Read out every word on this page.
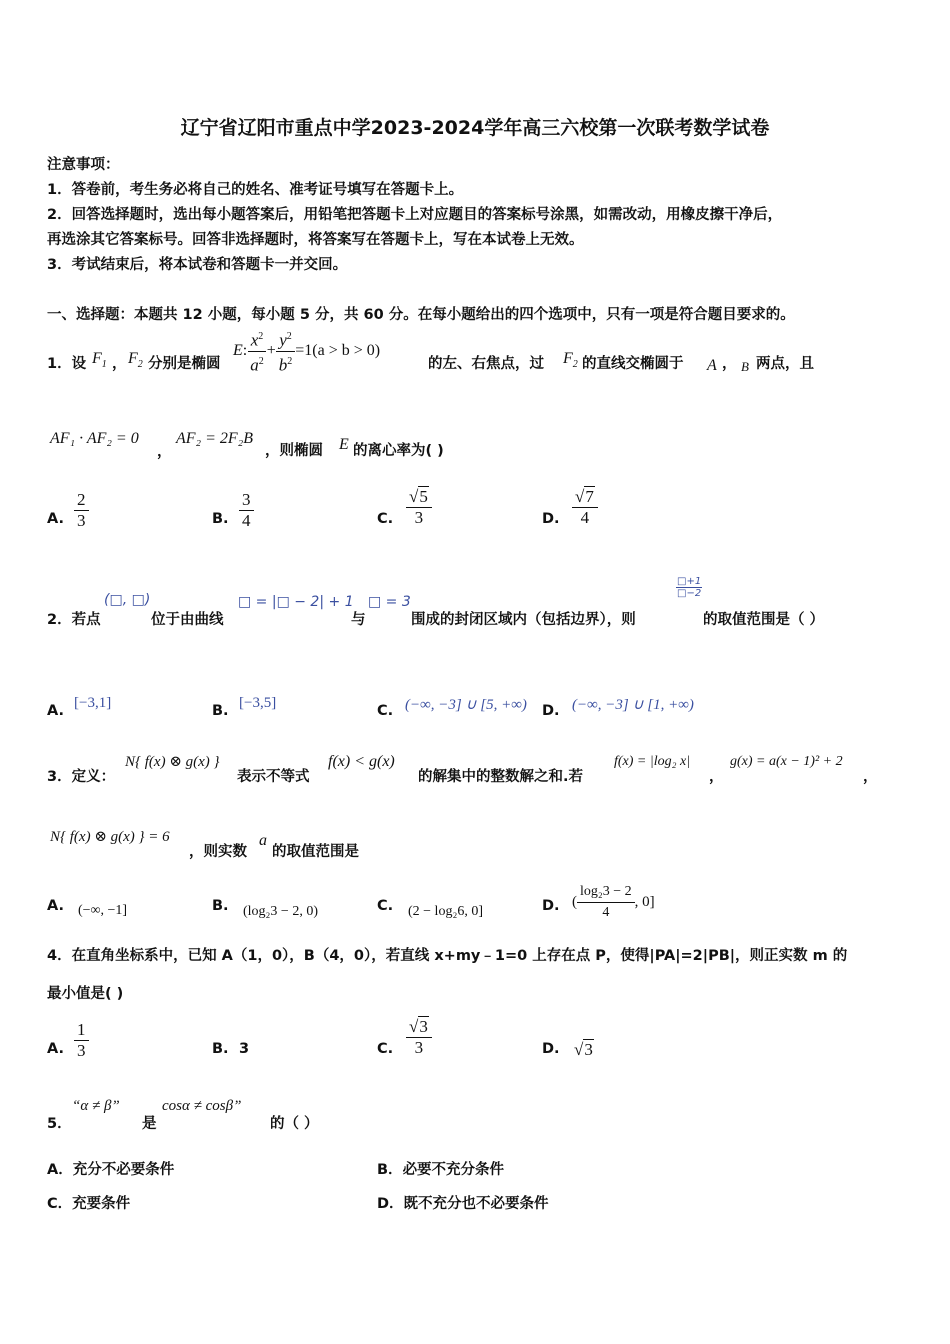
辽宁省辽阳市重点中学2023-2024学年高三六校第一次联考数学试卷
注意事项：
1．答卷前，考生务必将自己的姓名、准考证号填写在答题卡上。
2．回答选择题时，选出每小题答案后，用铅笔把答题卡上对应题目的答案标号涂黑，如需改动，用橡皮擦干净后，
再选涂其它答案标号。回答非选择题时，将答案写在答题卡上，写在本试卷上无效。
3．考试结束后，将本试卷和答题卡一并交回。
一、选择题：本题共 12 小题，每小题 5 分，共 60 分。在每小题给出的四个选项中，只有一项是符合题目要求的。
1．设 $F_1$ ， $F_2$ 分别是椭圆
E : $\frac{x^2}{a^2} + \frac{y^2}{b^2} =1(a > b > 0)$
的左、右焦点，过 $F_2$ 的直线交椭圆于 A ， B 两点，且
AF₁ · AF₂ = 0
，
AF₂ = 2F₂B
，则椭圆 E 的离心率为( )
A. $\frac{2}{3}$	B. $\frac{3}{4}$	C. $\frac{√5}{3}$	D. $\frac{√7}{4}$
2．若点
(□, □)
位于由曲线
□ = |□ − 2| + 1
与
□ = 3
围成的封闭区域内（包括边界），则
□+1
□−2
的取值范围是（ ）
A. [−3,1]	B. [−3,5]	C. (−∞, −3] ∪ [5, +∞) D. (−∞, −3] ∪ [1, +∞)
3．定义：
N{ f(x) ⊗ g(x) }
表示不等式
f(x) < g(x)
的解集中的整数解之和.若
f(x) = |log₂ x|
，
g(x) = a(x − 1)² + 2
，
N{ f(x) ⊗ g(x) } = 6
，则实数
a
的取值范围是
A. (−∞, −1]	B. (log₂3 − 2, 0)	C. (2 − log₂6, 0]	D. ( $\frac{\text{log₂3 − 2}}{4}$ , 0]
4．在直角坐标系中，已知 A（1，0），B（4，0），若直线 x+my﹣1=0 上存在点 P，使得|PA|=2|PB|，则正实数 m 的
最小值是( )
A. $\frac{1}{3}$	B. 3	C. $\frac{√3}{3}$	D. √3
5．
“α ≠ β”
是
cosα ≠ cosβ”
的（ ）
A．充分不必要条件	B．必要不充分条件
C．充要条件	D．既不充分也不必要条件
